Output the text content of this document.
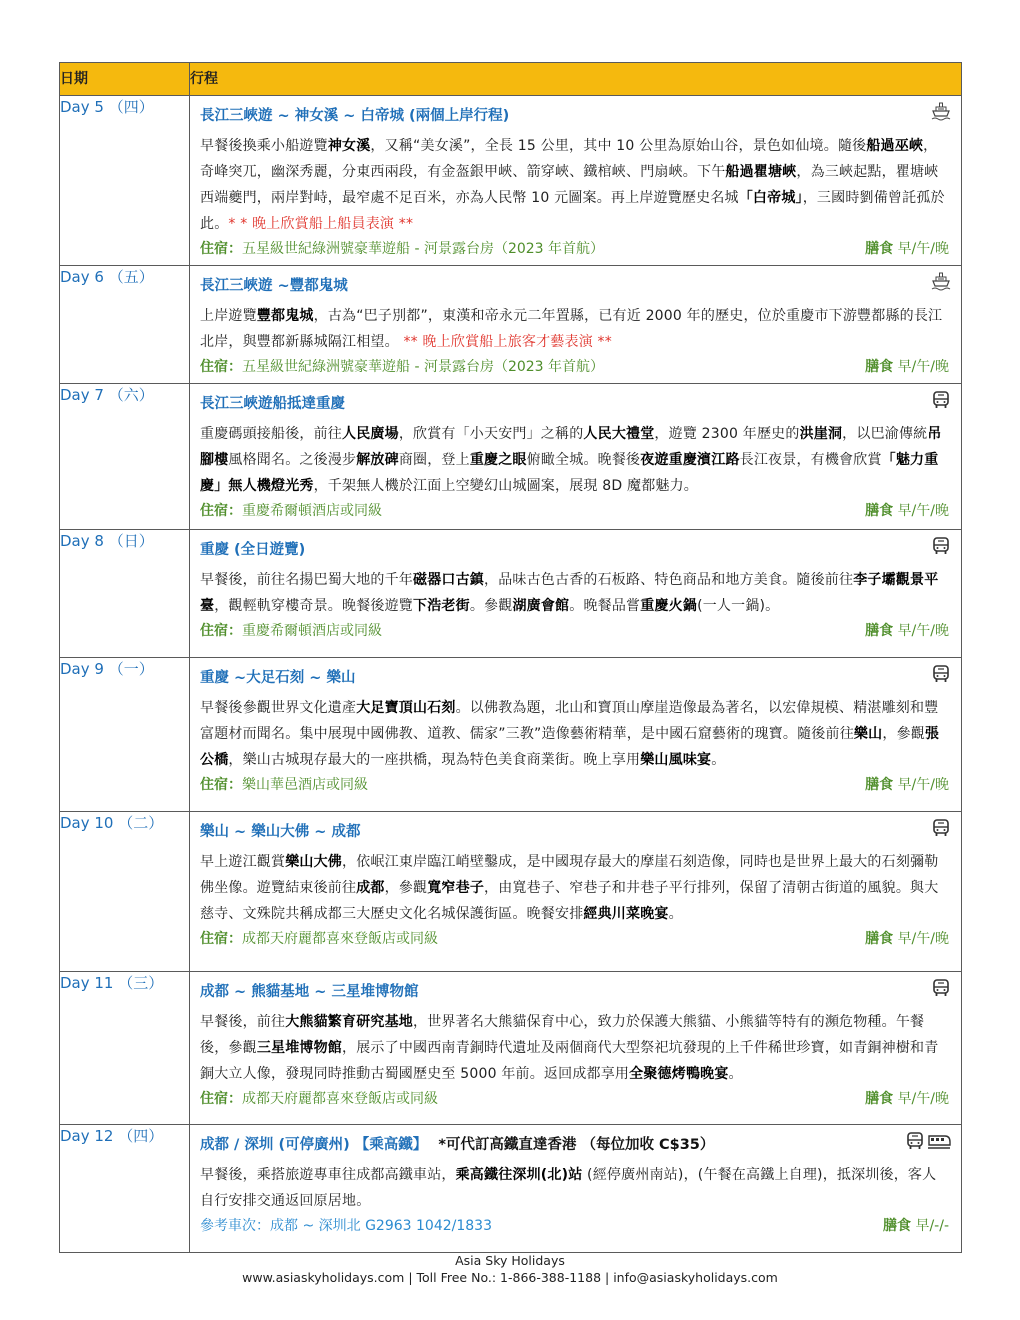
日期	行程
Day 5 （四）	長江三峽遊 ~ 神女溪 ~ 白帝城 (兩個上岸行程)
早餐後換乘小船遊覽神女溪，又稱“美女溪”，全長 15 公里，其中 10 公里為原始山谷，景色如仙境。隨後船過巫峽，奇峰突兀，幽深秀麗，分東西兩段，有金盔銀甲峽、箭穿峽、鐵棺峽、門扇峽。下午船過瞿塘峽，為三峽起點，瞿塘峽西端夔門，兩岸對峙，最窄處不足百米，亦為人民幣 10 元圖案。再上岸遊覽歷史名城「白帝城」，三國時劉備曾託孤於此。* * 晚上欣賞船上船員表演 **
住宿：五星級世紀綠洲號豪華遊船 - 河景露台房（2023 年首航） 膳食 早/午/晚

Day 6 （五）	長江三峽遊 ~豐都鬼城
上岸遊覽豐都鬼城，古為“巴子別都”，東漢和帝永元二年置縣，已有近 2000 年的歷史，位於重慶市下游豐都縣的長江北岸，與豐都新縣城隔江相望。 ** 晚上欣賞船上旅客才藝表演 **
住宿：五星級世紀綠洲號豪華遊船 - 河景露台房（2023 年首航） 膳食 早/午/晚

Day 7 （六）	長江三峽遊船抵達重慶
重慶碼頭接船後，前往人民廣場，欣賞有「小天安門」之稱的人民大禮堂，遊覽 2300 年歷史的洪崖洞，以巴渝傳統吊腳樓風格聞名。之後漫步解放碑商圈，登上重慶之眼俯瞰全城。晚餐後夜遊重慶濱江路長江夜景，有機會欣賞「魅力重慶」無人機燈光秀，千架無人機於江面上空變幻山城圖案，展現 8D 魔都魅力。
住宿：重慶希爾頓酒店或同級 膳食 早/午/晚

Day 8 （日）	重慶 (全日遊覽)
早餐後，前往名揚巴蜀大地的千年磁器口古鎮，品味古色古香的石板路、特色商品和地方美食。隨後前往李子壩觀景平臺，觀輕軌穿樓奇景。晚餐後遊覽下浩老街。參觀湖廣會館。晚餐品嘗重慶火鍋(一人一鍋)。
住宿：重慶希爾頓酒店或同級 膳食 早/午/晚

Day 9 （一）	重慶 ~大足石刻 ~ 樂山
早餐後參觀世界文化遺產大足寶頂山石刻。以佛教為題，北山和寶頂山摩崖造像最為著名，以宏偉規模、精湛雕刻和豐富題材而聞名。集中展現中國佛教、道教、儒家”三教”造像藝術精華，是中國石窟藝術的瑰寶。隨後前往樂山，參觀張公橋，樂山古城現存最大的一座拱橋，現為特色美食商業街。晚上享用樂山風味宴。
住宿：樂山華邑酒店或同級 膳食 早/午/晚

Day 10 （二）	樂山 ~ 樂山大佛 ~ 成都
早上遊江觀賞樂山大佛，依岷江東岸臨江峭壁鑿成，是中國現存最大的摩崖石刻造像，同時也是世界上最大的石刻彌勒佛坐像。遊覽結束後前往成都，參觀寬窄巷子，由寬巷子、窄巷子和井巷子平行排列，保留了清朝古街道的風貌。與大慈寺、文殊院共稱成都三大歷史文化名城保護街區。晚餐安排經典川菜晚宴。
住宿：成都天府麗都喜來登飯店或同級 膳食 早/午/晚

Day 11 （三）	成都 ~ 熊貓基地 ~ 三星堆博物館
早餐後，前往大熊貓繁育研究基地，世界著名大熊貓保育中心，致力於保護大熊貓、小熊貓等特有的瀕危物種。午餐後，參觀三星堆博物館，展示了中國西南青銅時代遺址及兩個商代大型祭祀坑發現的上千件稀世珍寶，如青銅神樹和青銅大立人像，發現同時推動古蜀國歷史至 5000 年前。返回成都享用全聚德烤鴨晚宴。
住宿：成都天府麗都喜來登飯店或同級 膳食 早/午/晚

Day 12 （四）	成都 / 深圳 (可停廣州) 【乘高鐵】 *可代訂高鐵直達香港 （每位加收 C$35）
早餐後，乘搭旅遊專車往成都高鐵車站，乘高鐵往深圳(北)站 (經停廣州南站)，(午餐在高鐵上自理)，抵深圳後，客人自行安排交通返回原居地。
參考車次：成都 ~ 深圳北 G2963 1042/1833 膳食 早/-/-
Asia Sky Holidays
www.asiaskyholidays.com | Toll Free No.: 1-866-388-1188 | info@asiaskyholidays.com
